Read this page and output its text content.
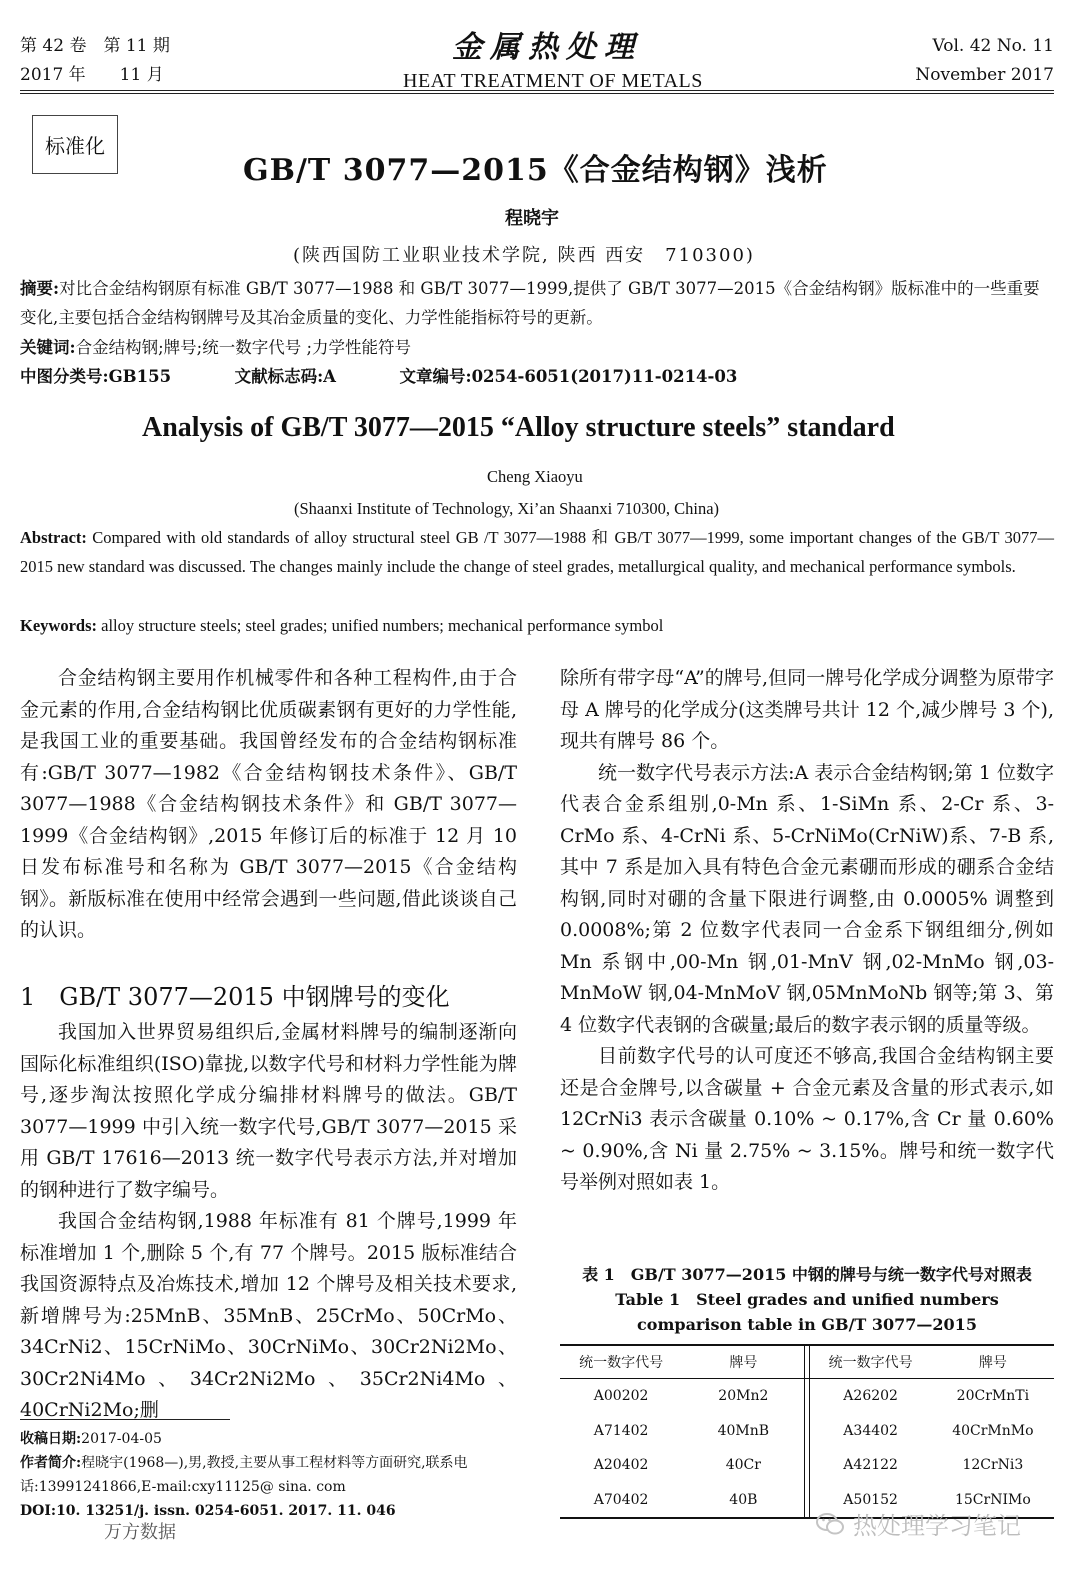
第 42 卷　第 11 期
2017 年　　11 月
金属热处理
HEAT TREATMENT OF METALS
Vol. 42 No. 11
November 2017
标准化
GB/T 3077—2015《合金结构钢》浅析
程晓宇
(陕西国防工业职业技术学院, 陕西 西安　710300)
摘要:对比合金结构钢原有标准 GB/T 3077—1988 和 GB/T 3077—1999,提供了 GB/T 3077—2015《合金结构钢》版标准中的一些重要变化,主要包括合金结构钢牌号及其冶金质量的变化、力学性能指标符号的更新。
关键词:合金结构钢;牌号;统一数字代号 ;力学性能符号
中图分类号:GB155	文献标志码:A	文章编号:0254-6051(2017)11-0214-03
Analysis of GB/T 3077—2015 “Alloy structure steels” standard
Cheng Xiaoyu
(Shaanxi Institute of Technology, Xi’an Shaanxi 710300, China)
Abstract: Compared with old standards of alloy structural steel GB /T 3077—1988 和 GB/T 3077—1999, some important changes of the GB/T 3077—2015 new standard was discussed. The changes mainly include the change of steel grades, metallurgical quality, and mechanical performance symbols.
Keywords: alloy structure steels; steel grades; unified numbers; mechanical performance symbol

合金结构钢主要用作机械零件和各种工程构件,由于合金元素的作用,合金结构钢比优质碳素钢有更好的力学性能,是我国工业的重要基础。我国曾经发布的合金结构钢标准有:GB/T 3077—1982《合金结构钢技术条件》、GB/T 3077—1988《合金结构钢技术条件》和 GB/T 3077—1999《合金结构钢》,2015 年修订后的标准于 12 月 10 日发布标准号和名称为 GB/T 3077—2015《合金结构钢》。新版标准在使用中经常会遇到一些问题,借此谈谈自己的认识。

1　GB/T 3077—2015 中钢牌号的变化

我国加入世界贸易组织后,金属材料牌号的编制逐渐向国际化标准组织(ISO)靠拢,以数字代号和材料力学性能为牌号,逐步淘汰按照化学成分编排材料牌号的做法。GB/T 3077—1999 中引入统一数字代号,GB/T 3077—2015 采用 GB/T 17616—2013 统一数字代号表示方法,并对增加的钢种进行了数字编号。

我国合金结构钢,1988 年标准有 81 个牌号,1999 年标准增加 1 个,删除 5 个,有 77 个牌号。2015 版标准结合我国资源特点及冶炼技术,增加 12 个牌号及相关技术要求,新增牌号为:25MnB、35MnB、25CrMo、50CrMo、34CrNi2、15CrNiMo、30CrNiMo、30Cr2Ni2Mo、30Cr2Ni4Mo、34Cr2Ni2Mo、35Cr2Ni4Mo、40CrNi2Mo;删

除所有带字母“A”的牌号,但同一牌号化学成分调整为原带字母 A 牌号的化学成分(这类牌号共计 12 个,减少牌号 3 个),现共有牌号 86 个。

统一数字代号表示方法:A 表示合金结构钢;第 1 位数字代表合金系组别,0-Mn 系、1-SiMn 系、2-Cr 系、3-CrMo 系、4-CrNi 系、5-CrNiMo(CrNiW)系、7-B 系,其中 7 系是加入具有特色合金元素硼而形成的硼系合金结构钢,同时对硼的含量下限进行调整,由 0.0005% 调整到 0.0008%;第 2 位数字代表同一合金系下钢组细分,例如 Mn 系钢中,00-Mn 钢,01-MnV 钢,02-MnMo 钢,03-MnMoW 钢,04-MnMoV 钢,05MnMoNb 钢等;第 3、第 4 位数字代表钢的含碳量;最后的数字表示钢的质量等级。

目前数字代号的认可度还不够高,我国合金结构钢主要还是合金牌号,以含碳量 + 合金元素及含量的形式表示,如 12CrNi3 表示含碳量 0.10% ~ 0.17%,含 Cr 量 0.60% ~ 0.90%,含 Ni 量 2.75% ~ 3.15%。牌号和统一数字代号举例对照如表 1。

表 1　GB/T 3077—2015 中钢的牌号与统一数字代号对照表
Table 1　Steel grades and unified numbers
comparison table in GB/T 3077—2015
统一数字代号	牌号		统一数字代号	牌号
A00202	20Mn2		A26202	20CrMnTi
A71402	40MnB		A34402	40CrMnMo
A20402	40Cr		A42122	12CrNi3
A70402	40B		A50152	15CrNIMo
收稿日期:2017-04-05
作者简介:程晓宇(1968—),男,教授,主要从事工程材料等方面研究,联系电话:13991241866,E-mail:cxy11125@ sina. com
DOI:10. 13251/j. issn. 0254-6051. 2017. 11. 046
万方数据	热处理学习笔记
